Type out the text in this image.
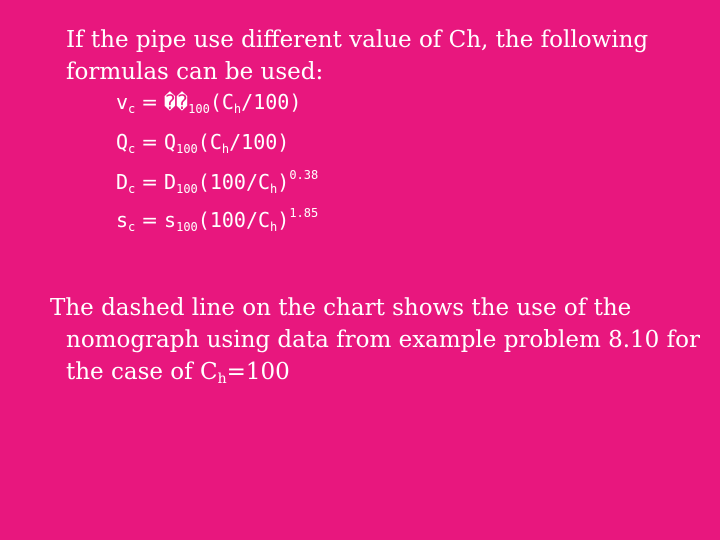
If the pipe use different value of Ch, the following
formulas can be used:
$v_c$ = $��_{100}(C_h/100)$
$Q_c = Q_{100}(C_h/100)$
$D_c = D_{100}(100/C_h)^{0.38}$
$s_c = s_{100}(100/C_h)^{1.85}$
The dashed line on the chart shows the use of the
nomograph using data from example problem 8.10 for
the case of Ch=100
